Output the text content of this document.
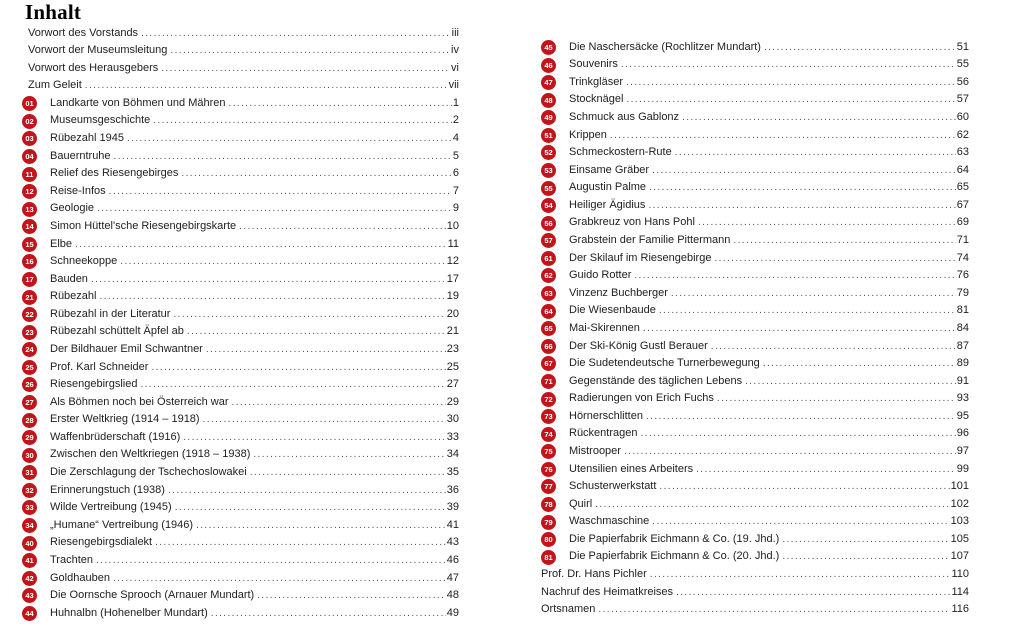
Inhalt
Vorwort des Vorstands .....	iii
Vorwort der Museumsleitung .....	iv
Vorwort des Herausgebers .....	vi
Zum Geleit .....	vii
01	Landkarte von Böhmen und Mähren .....	1
02	Museumsgeschichte .....	2
03	Rübezahl 1945 .....	4
04	Bauerntruhe .....	5
11	Relief des Riesengebirges .....	6
12	Reise-Infos .....	7
13	Geologie .....	9
14	Simon Hüttel'sche Riesengebirgskarte .....	10
15	Elbe .....	11
16	Schneekoppe .....	12
17	Bauden .....	17
21	Rübezahl .....	19
22	Rübezahl in der Literatur .....	20
23	Rübezahl schüttelt Äpfel ab .....	21
24	Der Bildhauer Emil Schwantner .....	23
25	Prof. Karl Schneider .....	25
26	Riesengebirgslied .....	27
27	Als Böhmen noch bei Österreich war .....	29
28	Erster Weltkrieg (1914 – 1918) .....	30
29	Waffenbrüderschaft (1916) .....	33
30	Zwischen den Weltkriegen (1918 – 1938) .....	34
31	Die Zerschlagung der Tschechoslowakei .....	35
32	Erinnerungstuch (1938) .....	36
33	Wilde Vertreibung (1945) .....	39
34	„Humane“ Vertreibung (1946) .....	41
40	Riesengebirgsdialekt .....	43
41	Trachten .....	46
42	Goldhauben .....	47
43	Die Oornsche Sprooch (Arnauer Mundart) .....	48
44	Huhnalbn (Hohenelber Mundart) .....	49
45	Die Naschersäcke (Rochlitzer Mundart) .....	51
46	Souvenirs .....	55
47	Trinkgläser .....	56
48	Stocknägel .....	57
49	Schmuck aus Gablonz .....	60
51	Krippen .....	62
52	Schmeckostern-Rute .....	63
53	Einsame Gräber .....	64
55	Augustin Palme .....	65
54	Heiliger Ägidius .....	67
56	Grabkreuz von Hans Pohl .....	69
57	Grabstein der Familie Pittermann .....	71
61	Der Skilauf im Riesengebirge .....	74
62	Guido Rotter .....	76
63	Vinzenz Buchberger .....	79
64	Die Wiesenbaude .....	81
65	Mai-Skirennen .....	84
66	Der Ski-König Gustl Berauer .....	87
67	Die Sudetendeutsche Turnerbewegung .....	89
71	Gegenstände des täglichen Lebens .....	91
72	Radierungen von Erich Fuchs .....	93
73	Hörnerschlitten .....	95
74	Rückentragen .....	96
75	Mistrooper .....	97
76	Utensilien eines Arbeiters .....	99
77	Schusterwerkstatt .....	101
78	Quirl .....	102
79	Waschmaschine .....	103
80	Die Papierfabrik Eichmann & Co. (19. Jhd.) .....	105
81	Die Papierfabrik Eichmann & Co. (20. Jhd.) .....	107
Prof. Dr. Hans Pichler .....	110
Nachruf des Heimatkreises .....	114
Ortsnamen .....	116
